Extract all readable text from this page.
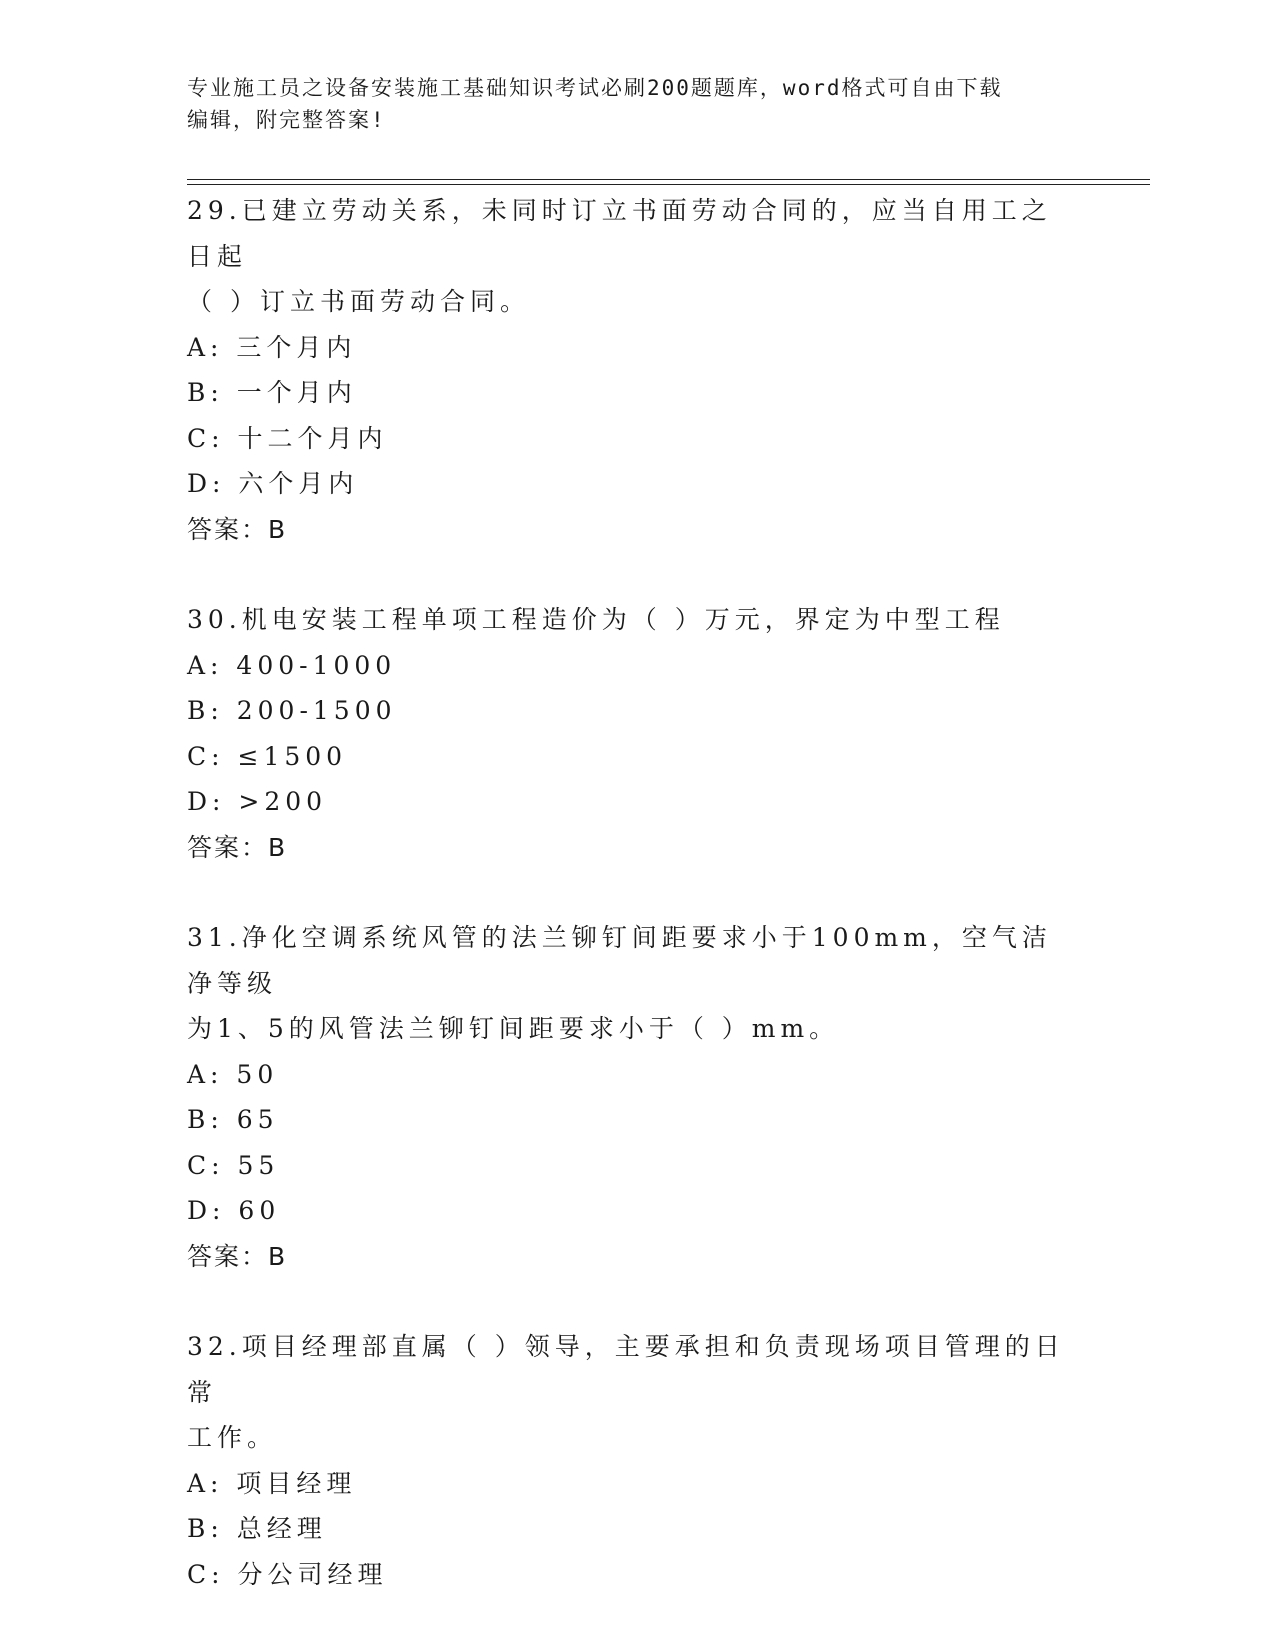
专业施工员之设备安装施工基础知识考试必刷200题题库，word格式可自由下载
编辑，附完整答案!

29.已建立劳动关系，未同时订立书面劳动合同的，应当自用工之日起

（ ）订立书面劳动合同。

A: 三个月内

B: 一个月内

C: 十二个月内

D: 六个月内

答案：B

30.机电安装工程单项工程造价为（ ）万元，界定为中型工程

A: 400-1000

B: 200-1500

C: ≤1500

D: >200

答案：B

31.净化空调系统风管的法兰铆钉间距要求小于100mm，空气洁净等级

为1、5的风管法兰铆钉间距要求小于（ ）mm。

A: 50

B: 65

C: 55

D: 60

答案：B

32.项目经理部直属（ ）领导，主要承担和负责现场项目管理的日常

工作。

A: 项目经理

B: 总经理

C: 分公司经理
